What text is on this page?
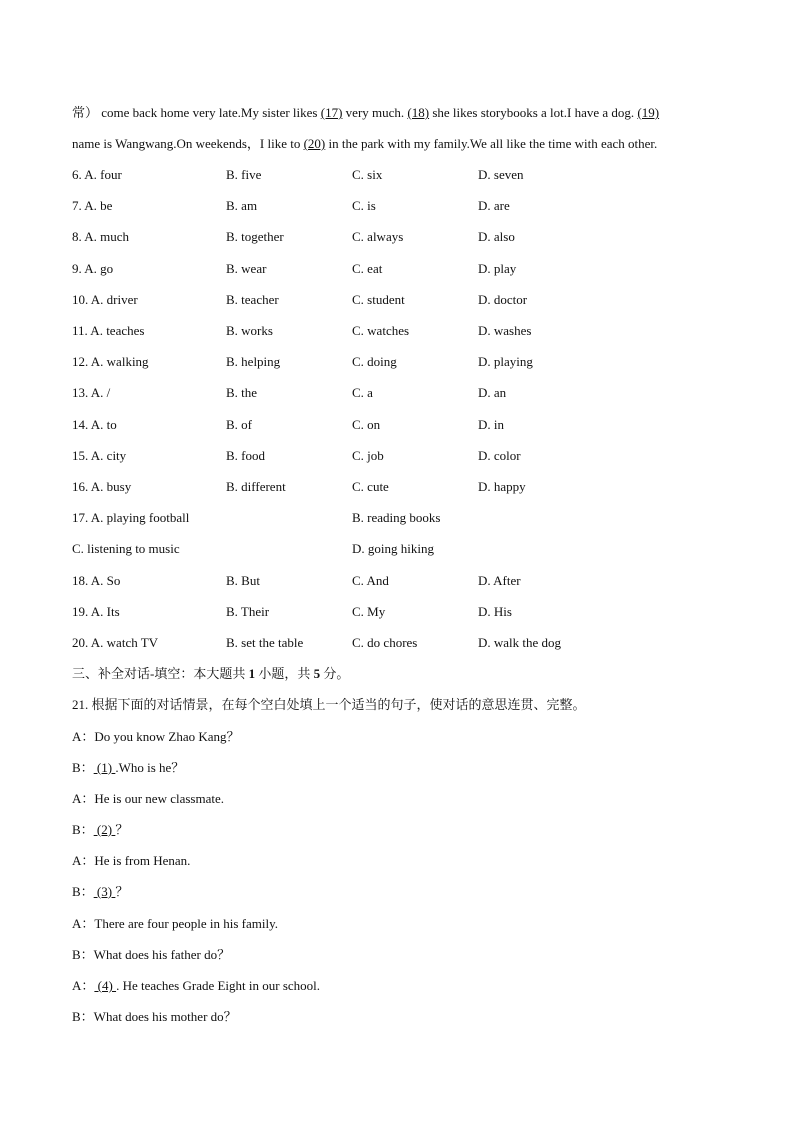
常） come back home very late.My sister likes (17) very much. (18) she likes storybooks a lot.I have a dog. (19)
name is Wangwang.On weekends，I like to (20) in the park with my family.We all like the time with each other.
6. A. four	B. five	C. six	D. seven
7. A. be	B. am	C. is	D. are
8. A. much	B. together	C. always	D. also
9. A. go	B. wear	C. eat	D. play
10. A. driver	B. teacher	C. student	D. doctor
11. A. teaches	B. works	C. watches	D. washes
12. A. walking	B. helping	C. doing	D. playing
13. A. /	B. the	C. a	D. an
14. A. to	B. of	C. on	D. in
15. A. city	B. food	C. job	D. color
16. A. busy	B. different	C. cute	D. happy
17. A. playing football	B. reading books
C. listening to music	D. going hiking
18. A. So	B. But	C. And	D. After
19. A. Its	B. Their	C. My	D. His
20. A. watch TV	B. set the table	C. do chores	D. walk the dog
三、补全对话-填空：本大题共 1 小题，共 5 分。
21. 根据下面的对话情景，在每个空白处填上一个适当的句子，使对话的意思连贯、完整。
A：Do you know Zhao Kang？
B： (1) .Who is he？
A：He is our new classmate.
B： (2) ？
A：He is from Henan.
B： (3) ？
A：There are four people in his family.
B：What does his father do？
A： (4) . He teaches Grade Eight in our school.
B：What does his mother do？
